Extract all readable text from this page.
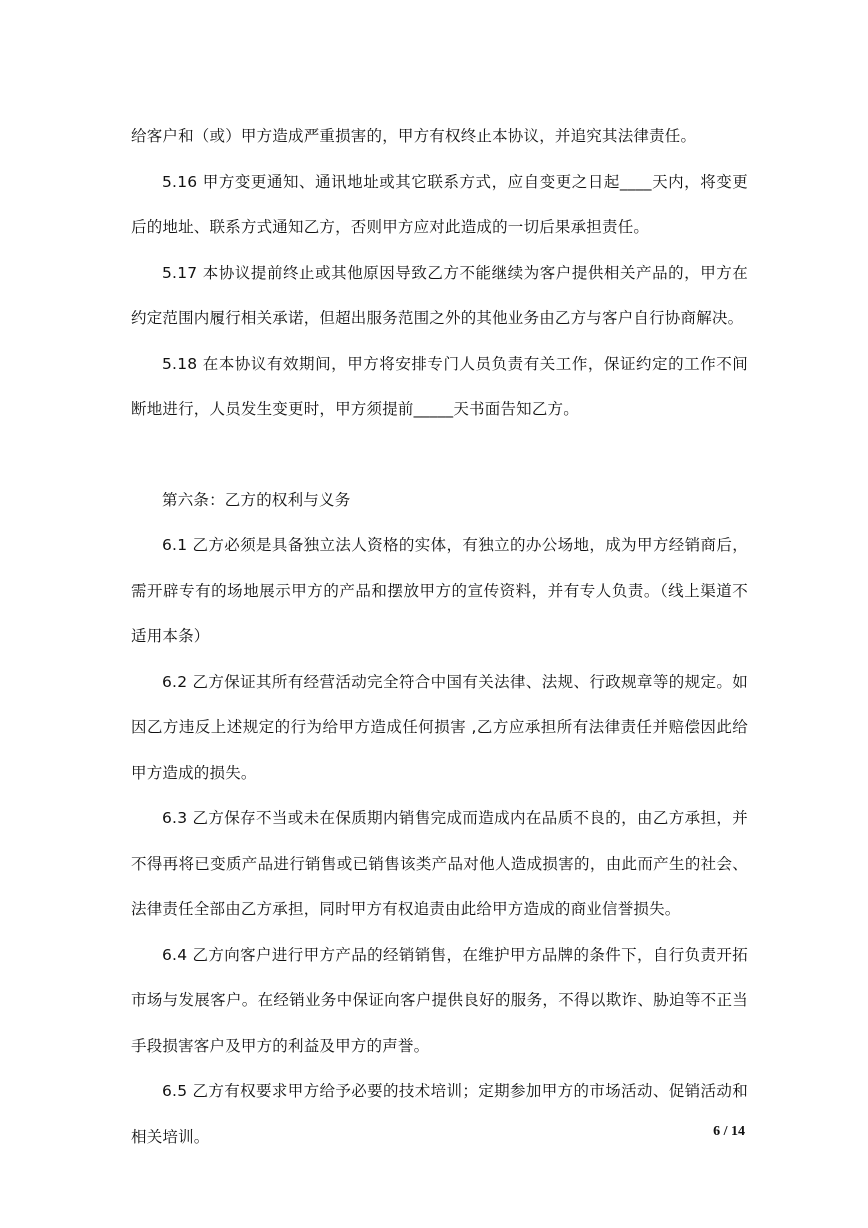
给客户和（或）甲方造成严重损害的，甲方有权终止本协议，并追究其法律责任。

5.16 甲方变更通知、通讯地址或其它联系方式，应自变更之日起____天内，将变更后的地址、联系方式通知乙方，否则甲方应对此造成的一切后果承担责任。

5.17 本协议提前终止或其他原因导致乙方不能继续为客户提供相关产品的，甲方在约定范围内履行相关承诺，但超出服务范围之外的其他业务由乙方与客户自行协商解决。

5.18 在本协议有效期间，甲方将安排专门人员负责有关工作，保证约定的工作不间断地进行，人员发生变更时，甲方须提前_____天书面告知乙方。

第六条：乙方的权利与义务

6.1 乙方必须是具备独立法人资格的实体，有独立的办公场地，成为甲方经销商后，需开辟专有的场地展示甲方的产品和摆放甲方的宣传资料，并有专人负责。（线上渠道不适用本条）

6.2 乙方保证其所有经营活动完全符合中国有关法律、法规、行政规章等的规定。如因乙方违反上述规定的行为给甲方造成任何损害 ,乙方应承担所有法律责任并赔偿因此给甲方造成的损失。

6.3 乙方保存不当或未在保质期内销售完成而造成内在品质不良的，由乙方承担，并不得再将已变质产品进行销售或已销售该类产品对他人造成损害的，由此而产生的社会、法律责任全部由乙方承担，同时甲方有权追责由此给甲方造成的商业信誉损失。

6.4 乙方向客户进行甲方产品的经销销售，在维护甲方品牌的条件下，自行负责开拓市场与发展客户。在经销业务中保证向客户提供良好的服务，不得以欺诈、胁迫等不正当手段损害客户及甲方的利益及甲方的声誉。

6.5 乙方有权要求甲方给予必要的技术培训；定期参加甲方的市场活动、促销活动和相关培训。	6 / 14
